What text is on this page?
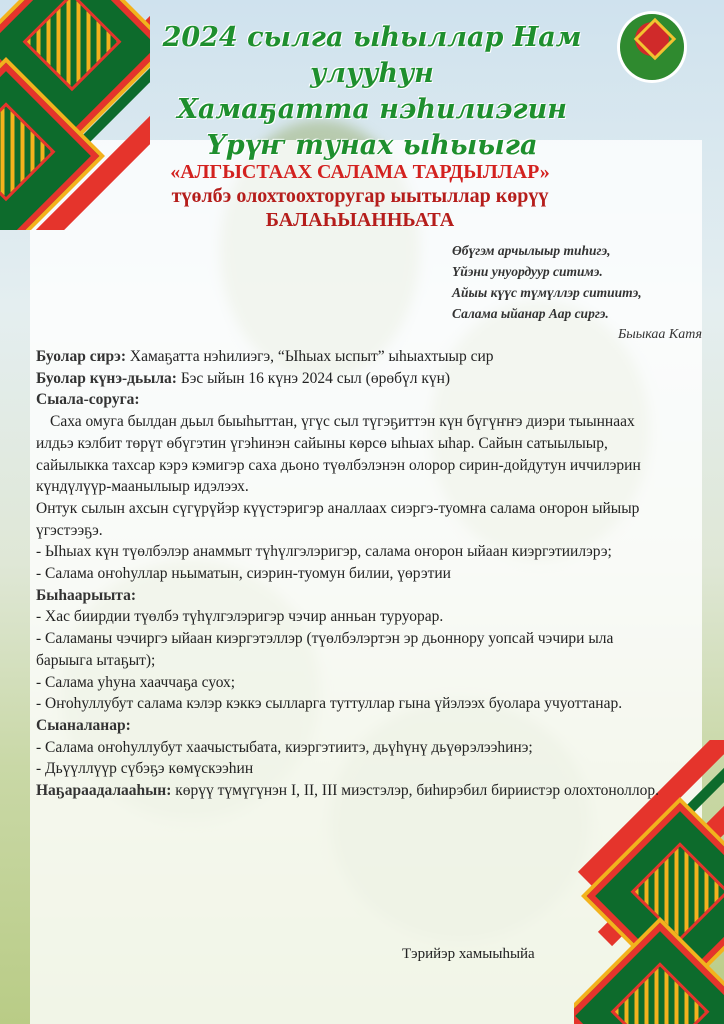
2024 сылга ыһыллар Нам улууһун
Хамаҕатта нэһилиэгин
Үрүҥ тунах ыһыыга
«АЛГЫСТААХ САЛАМА ТАРДЫЛЛАР»
түөлбэ олохтоохторугар ыытыллар көрүү
БАЛАҺЫАННЬАТА
Өбүгэм арчылыыр тиһигэ,
Үйэни унуордуур ситимэ.
Айыы күүс түмүллэр ситиитэ,
Салама ыйанар Аар сиргэ.
Быыкаа Катя

Буолар сирэ: Хамаҕатта нэһилиэгэ, “Ыһыах ыспыт” ыһыахтыыр сир

Буолар күнэ-дьыла: Бэс ыйын 16 күнэ 2024 сыл (өрөбүл күн)

Сыала-соруга:

Саха омуга былдан дьыл быыһыттан, үгүс сыл түгэҕиттэн күн бүгүҥҥэ диэри тыыннаах илдьэ кэлбит төрүт өбүгэтин үгэһинэн сайыны көрсө ыһыах ыһар. Сайын сатыылыыр, сайылыкка тахсар кэрэ кэмигэр саха дьоно түөлбэлэнэн олорор сирин-дойдутун иччилэрин күндүлүүр-маанылыыр идэлээх.

Онтук сылын ахсын сүгүрүйэр күүстэригэр аналлаах сиэргэ-туомҥа салама оҥорон ыйыыр үгэстээҕэ.

- Ыһыах күн түөлбэлэр анаммыт түһүлгэлэригэр, салама оҥорон ыйаан киэргэтиилэрэ;

- Салама оҥоһуллар ньыматын, сиэрин-туомун билии, үөрэтии

Быһаарыыта:

- Хас биирдии түөлбэ түһүлгэлэригэр чэчир анньан туруорар.

- Саламаны чэчиргэ ыйаан киэргэтэллэр (түөлбэлэртэн эр дьоннору уопсай чэчири ыла барыыга ытаҕыт);

- Салама уһуна хааччаҕа суох;

- Оҥоһуллубут салама кэлэр кэккэ сылларга туттуллар гына үйэлээх буолара учуоттанар.

Сыаналанар:

- Салама оҥоһуллубут хаачыстыбата, киэргэтиитэ, дьүһүнү дьүөрэлээһинэ;

- Дьүүллүүр сүбэҕэ көмүскээһин

Наҕараадалааһын: көрүү түмүгүнэн I, II, III миэстэлэр, биһирэбил бириистэр олохтоноллор.

Тэрийэр хамыыһыйа
